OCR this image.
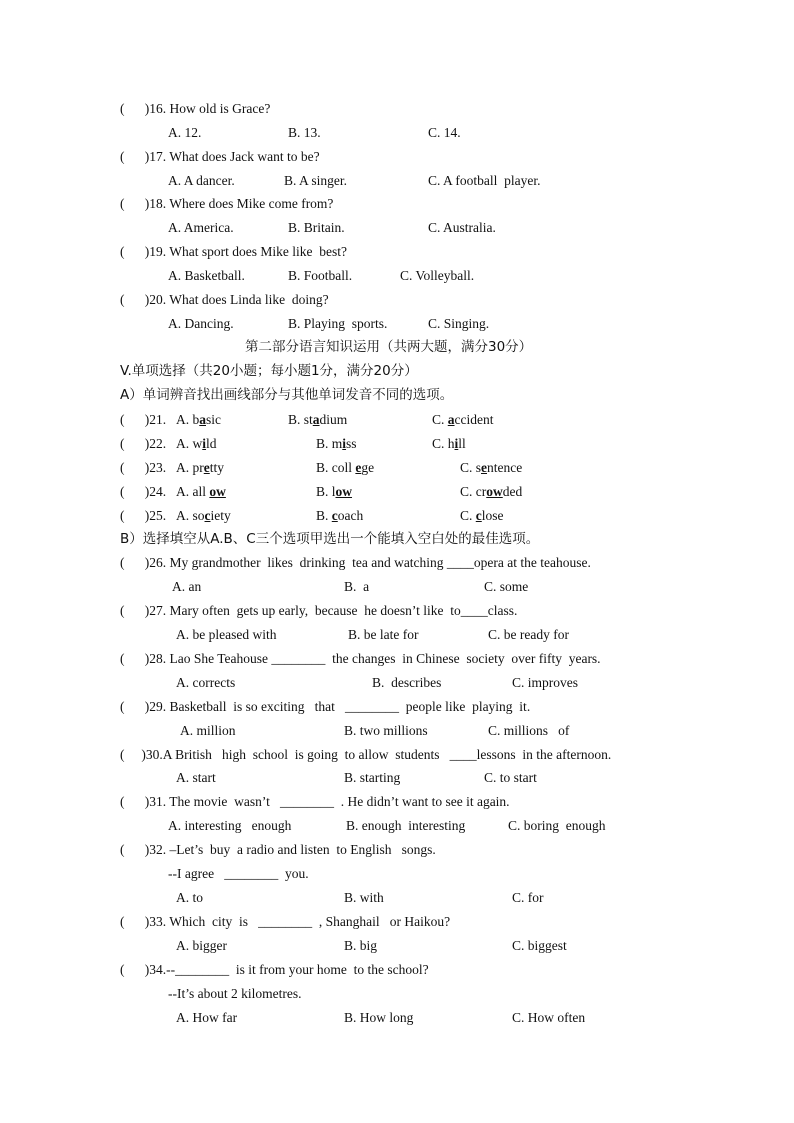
(      )16. How old is Grace?
A. 12.	B. 13.	C. 14.
(      )17. What does Jack want to be?
A. A dancer.	B. A singer.	C. A football  player.
(      )18. Where does Mike come from?
A. America.	B. Britain.	C. Australia.
(      )19. What sport does Mike like  best?
A. Basketball.	B. Football.	C. Volleyball.
(      )20. What does Linda like  doing?
A. Dancing.	B. Playing  sports.	C. Singing.
第二部分语言知识运用（共两大题，满分30分）
V.单项选择（共20小题；每小题1分，满分20分）
A）单词辨音找出画线部分与其他单词发音不同的选项。
(      )21. A. basic	B. stadium	C. accident
(      )22. A. wild	B. miss	C. hill
(      )23. A. pretty	B. coll ege	C. sentence
(      )24. A. all ow	B. low	C. crowded
(      )25. A. society	B. coach	C. close
B）选择填空从A.B、C三个选项甲选出一个能填入空白处的最佳选项。
(      )26. My grandmother  likes  drinking  tea and watching ____opera at the teahouse.
A. an	B.  a	C. some
(      )27. Mary often  gets up early,  because  he doesn’t like  to____class.
A. be pleased with	B. be late for	C. be ready for
(      )28. Lao She Teahouse ________  the changes  in Chinese  society  over fifty  years.
A. corrects	B.  describes	C. improves
(      )29. Basketball  is so exciting   that   ________  people like  playing  it.
A. million	B. two millions	C. millions   of
(     )30.A British   high  school  is going  to allow  students   ____lessons  in the afternoon.
A. start	B. starting	C. to start
(      )31. The movie  wasn’t   ________  . He didn’t want to see it again.
A. interesting   enough	B. enough  interesting	C. boring  enough
(      )32. –Let’s  buy  a radio and listen  to English   songs.
--I agree   ________  you.
A. to	B. with	C. for
(      )33. Which  city  is   ________  , Shanghail   or Haikou?
A. bigger	B. big	C. biggest
(      )34.--________  is it from your home  to the school?
--It’s about 2 kilometres.
A. How far	B. How long	C. How often
